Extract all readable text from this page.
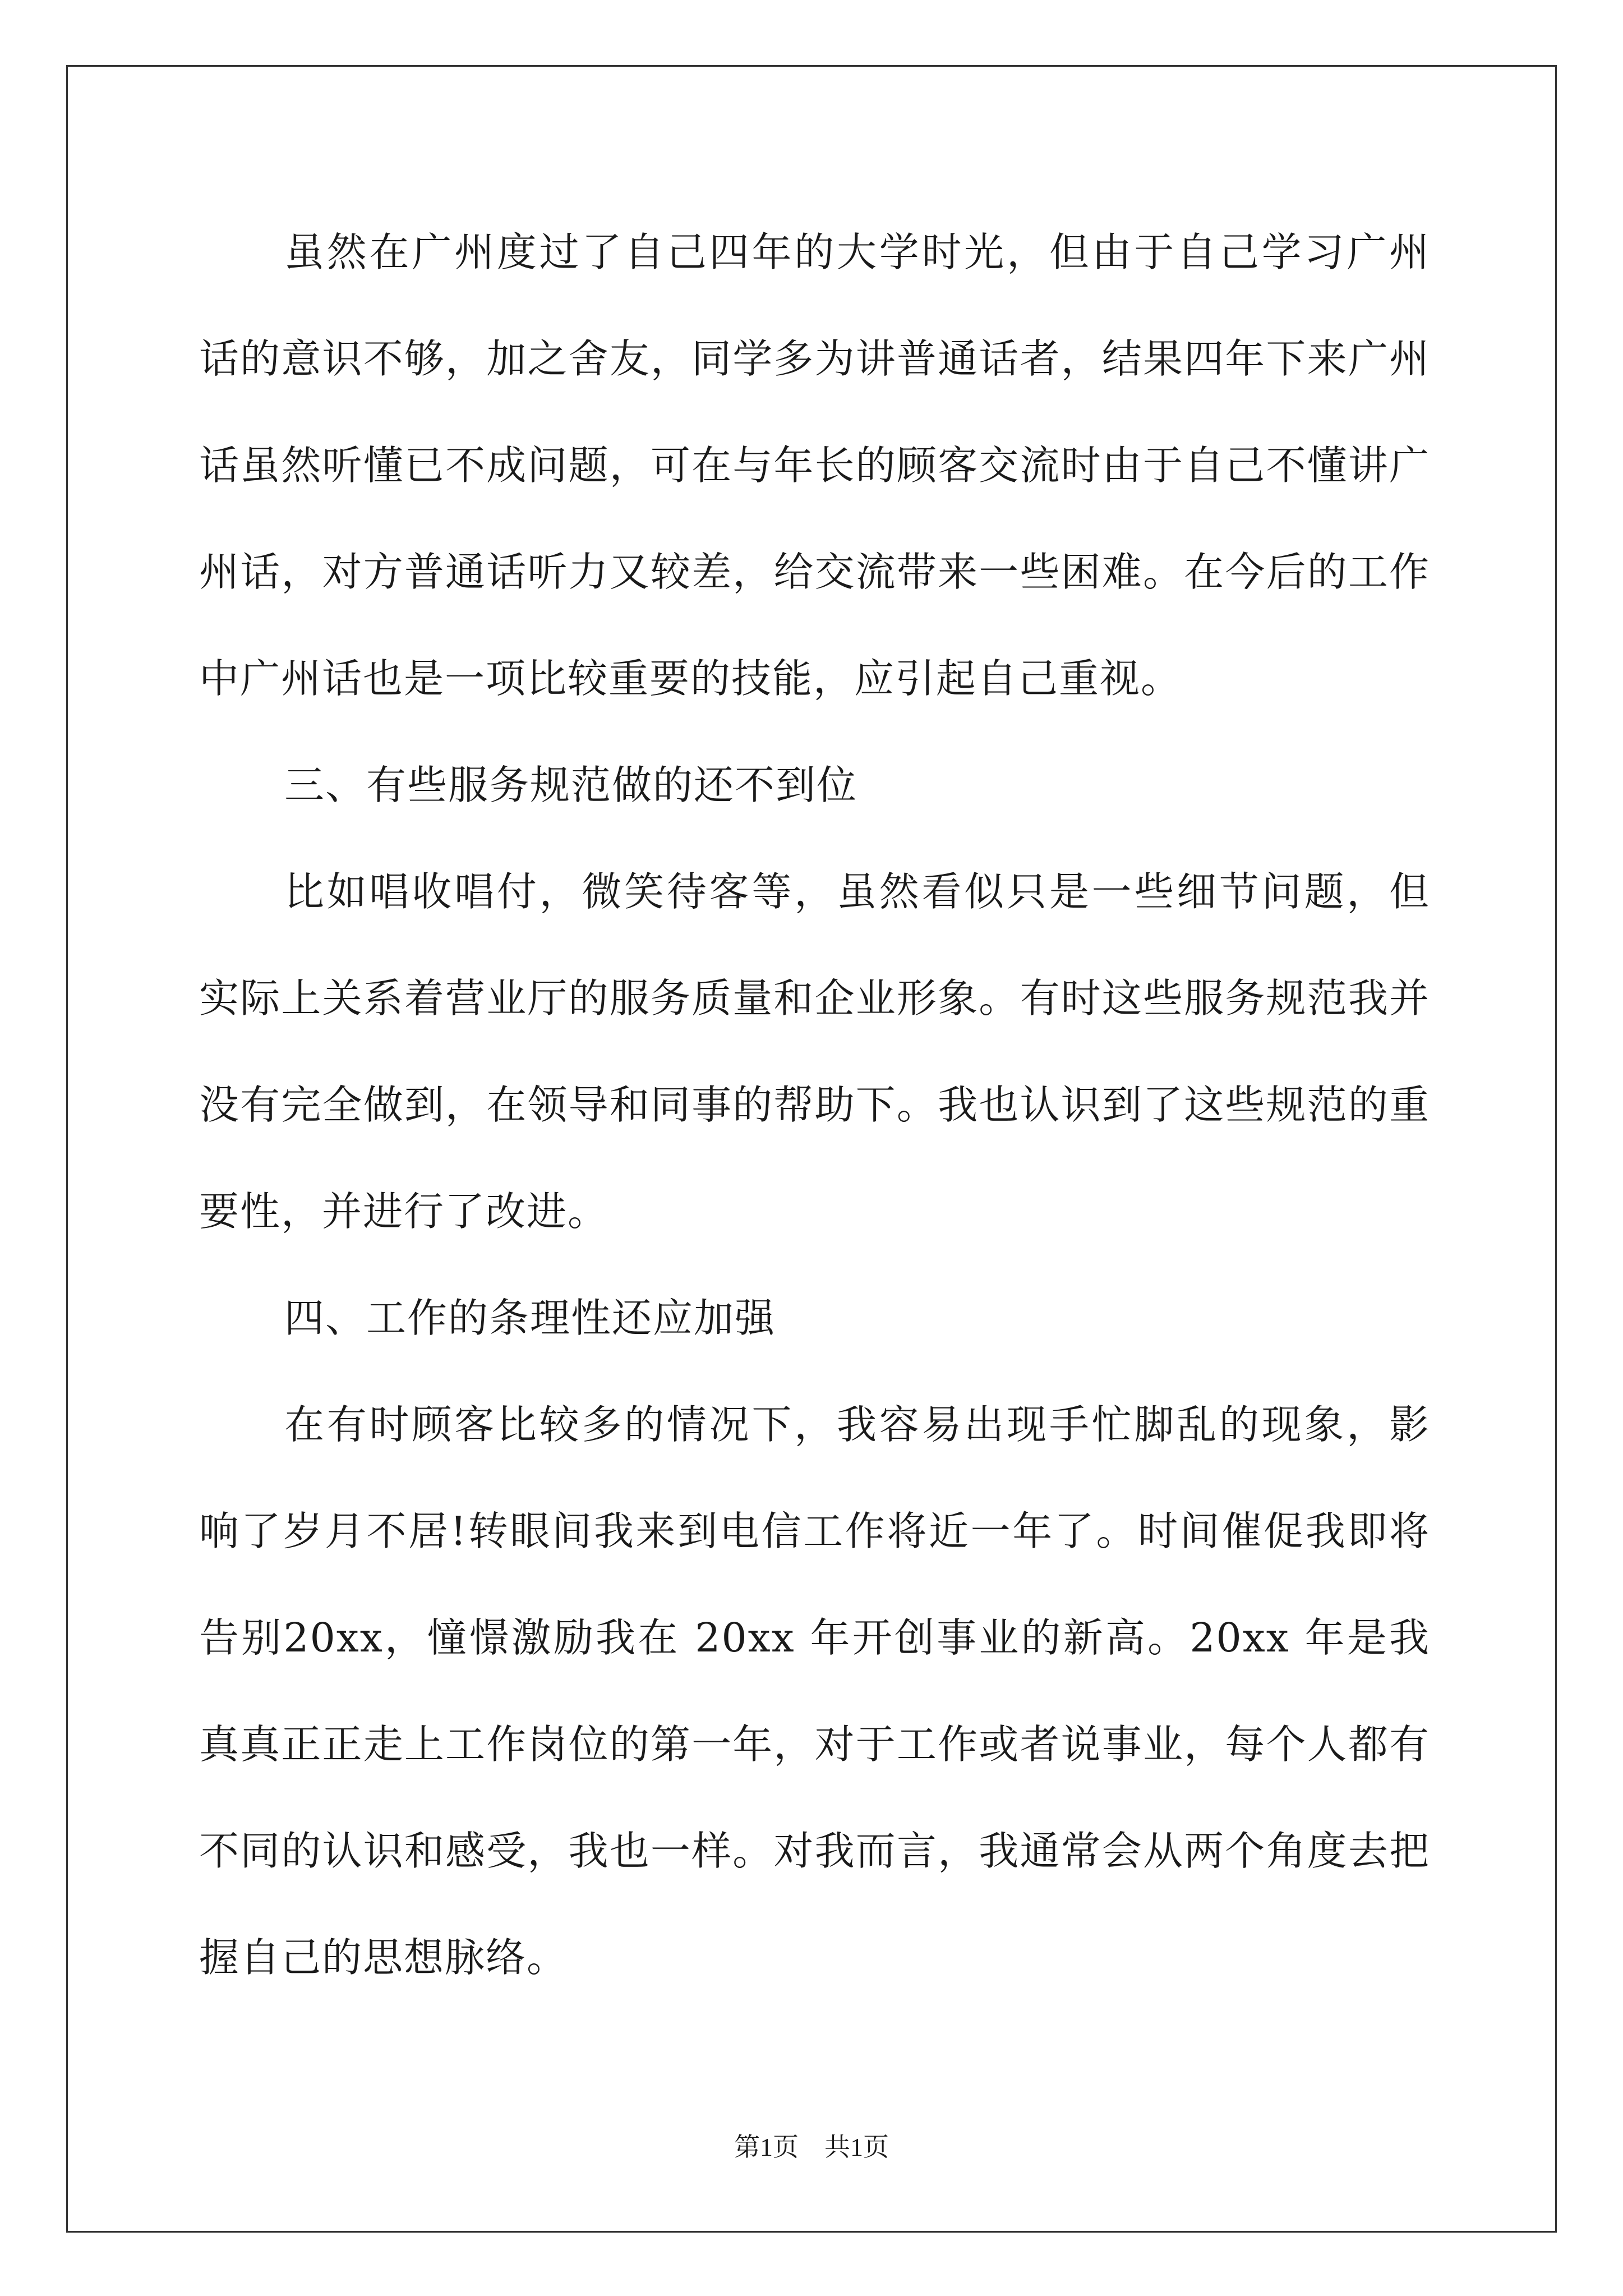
虽然在广州度过了自己四年的大学时光，但由于自己学习广州话的意识不够，加之舍友，同学多为讲普通话者，结果四年下来广州话虽然听懂已不成问题，可在与年长的顾客交流时由于自己不懂讲广州话，对方普通话听力又较差，给交流带来一些困难。在今后的工作中广州话也是一项比较重要的技能，应引起自己重视。

三、有些服务规范做的还不到位

比如唱收唱付，微笑待客等，虽然看似只是一些细节问题，但实际上关系着营业厅的服务质量和企业形象。有时这些服务规范我并没有完全做到，在领导和同事的帮助下。我也认识到了这些规范的重要性，并进行了改进。

四、工作的条理性还应加强

在有时顾客比较多的情况下，我容易出现手忙脚乱的现象，影响了岁月不居!转眼间我来到电信工作将近一年了。时间催促我即将告别20xx，憧憬激励我在 20xx 年开创事业的新高。20xx 年是我真真正正走上工作岗位的第一年，对于工作或者说事业，每个人都有不同的认识和感受，我也一样。对我而言，我通常会从两个角度去把握自己的思想脉络。

第1页　共1页
